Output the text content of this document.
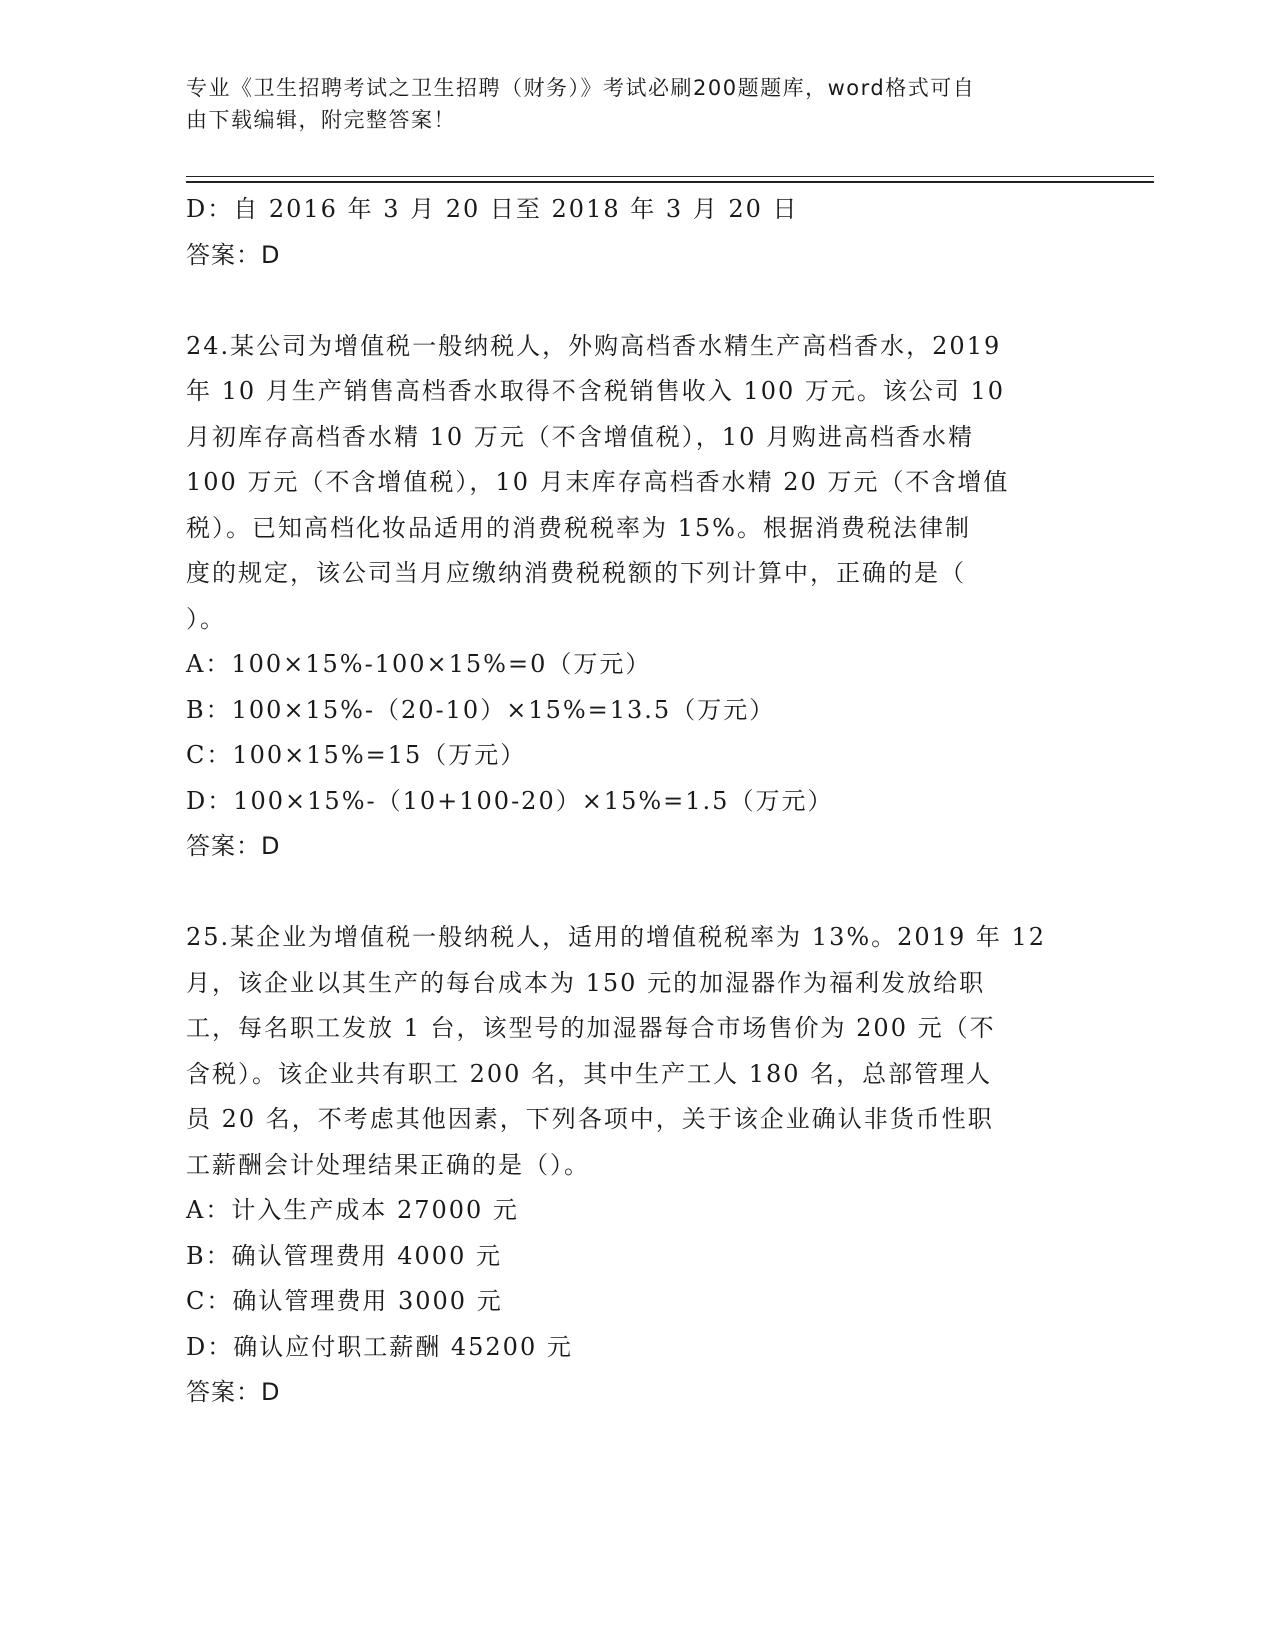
专业《卫生招聘考试之卫生招聘（财务）》考试必刷200题题库，word格式可自
由下载编辑，附完整答案！
D：自 2016 年 3 月 20 日至 2018 年 3 月 20 日
答案：D
24.某公司为增值税一般纳税人，外购高档香水精生产高档香水，2019
年 10 月生产销售高档香水取得不含税销售收入 100 万元。该公司 10
月初库存高档香水精 10 万元（不含增值税），10 月购进高档香水精
100 万元（不含增值税），10 月末库存高档香水精 20 万元（不含增值
税）。已知高档化妆品适用的消费税税率为 15%。根据消费税法律制
度的规定，该公司当月应缴纳消费税税额的下列计算中，正确的是（
）。
A：100×15%-100×15%=0（万元）
B：100×15%-（20-10）×15%=13.5（万元）
C：100×15%=15（万元）
D：100×15%-（10+100-20）×15%=1.5（万元）
答案：D
25.某企业为增值税一般纳税人，适用的增值税税率为 13%。2019 年 12
月，该企业以其生产的每台成本为 150 元的加湿器作为福利发放给职
工，每名职工发放 1 台，该型号的加湿器每合市场售价为 200 元（不
含税）。该企业共有职工 200 名，其中生产工人 180 名，总部管理人
员 20 名，不考虑其他因素，下列各项中，关于该企业确认非货币性职
工薪酬会计处理结果正确的是（）。
A：计入生产成本 27000 元
B：确认管理费用 4000 元
C：确认管理费用 3000 元
D：确认应付职工薪酬 45200 元
答案：D
